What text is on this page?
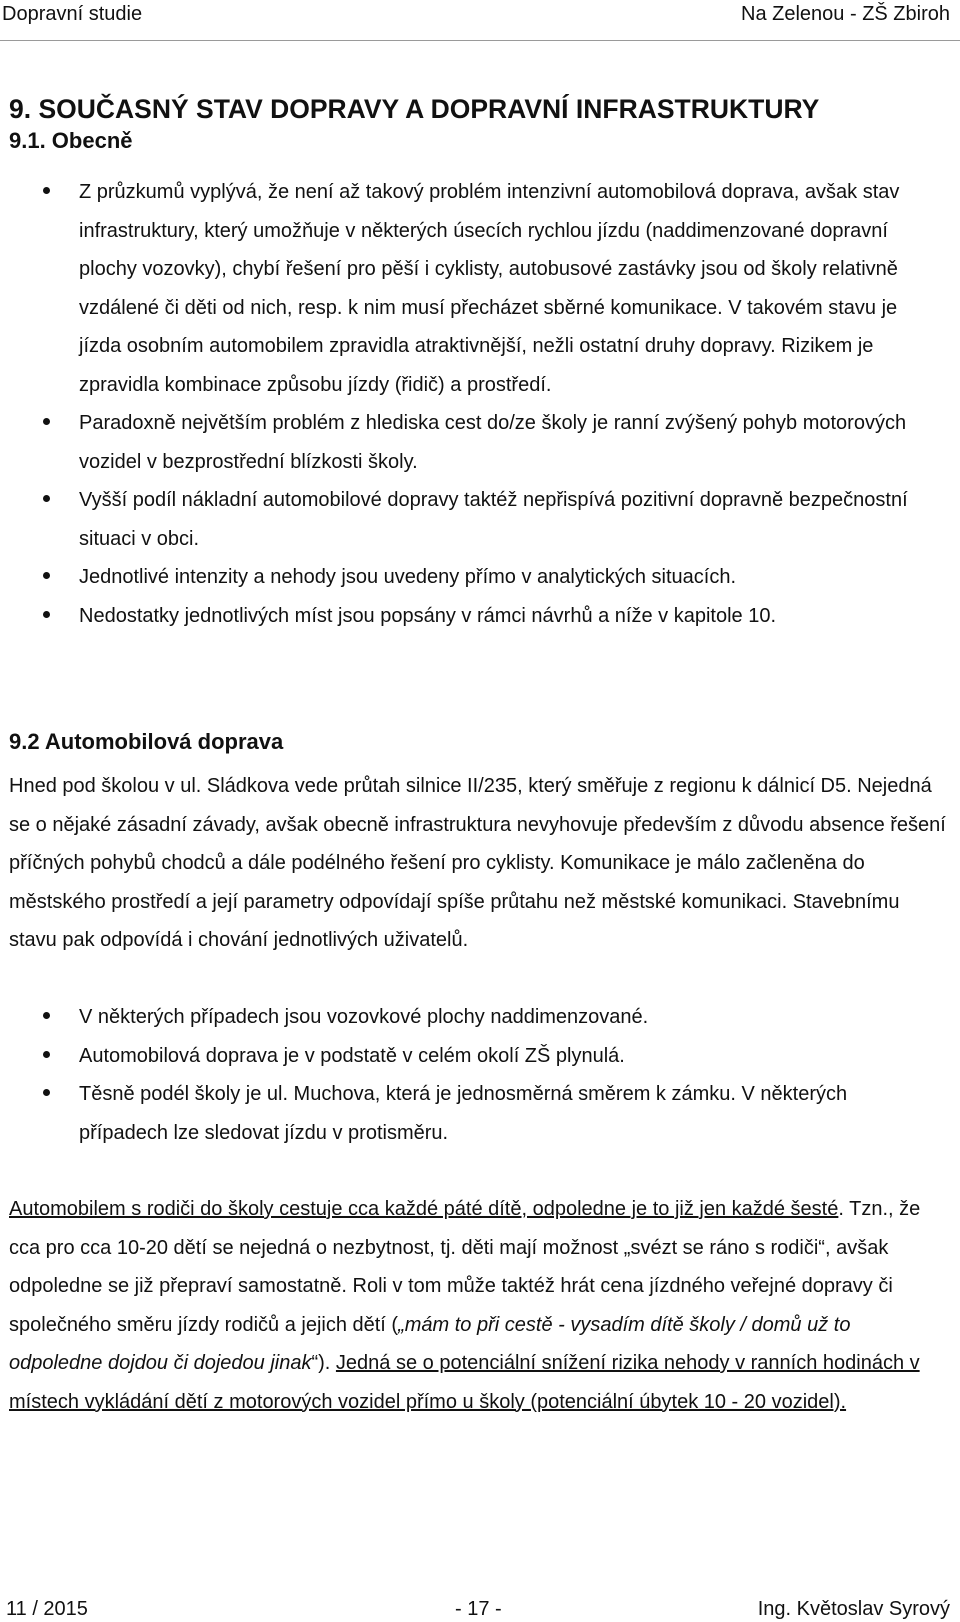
Dopravní studie	Na Zelenou - ZŠ Zbiroh
9. SOUČASNÝ STAV DOPRAVY A DOPRAVNÍ INFRASTRUKTURY
9.1. Obecně
Z průzkumů vyplývá, že není až takový problém intenzivní automobilová doprava, avšak stav infrastruktury, který umožňuje v některých úsecích rychlou jízdu (naddimenzované dopravní plochy vozovky), chybí řešení pro pěší i cyklisty, autobusové zastávky jsou od školy relativně vzdálené či děti od nich, resp. k nim musí přecházet sběrné komunikace. V takovém stavu je jízda osobním automobilem zpravidla atraktivnější, nežli ostatní druhy dopravy. Rizikem je zpravidla kombinace způsobu jízdy (řidič) a prostředí.
Paradoxně největším problém z hlediska cest do/ze školy je ranní zvýšený pohyb motorových vozidel v bezprostřední blízkosti školy.
Vyšší podíl nákladní automobilové dopravy taktéž nepřispívá pozitivní dopravně bezpečnostní situaci v obci.
Jednotlivé intenzity a nehody jsou uvedeny přímo v analytických situacích.
Nedostatky jednotlivých míst jsou popsány v rámci návrhů a níže v kapitole 10.
9.2 Automobilová doprava
Hned pod školou v ul. Sládkova vede průtah silnice II/235, který směřuje z regionu k dálnicí D5. Nejedná se o nějaké zásadní závady, avšak obecně infrastruktura nevyhovuje především z důvodu absence řešení příčných pohybů chodců a dále podélného řešení pro cyklisty. Komunikace je málo začleněna do městského prostředí a její parametry odpovídají spíše průtahu než městské komunikaci. Stavebnímu stavu pak odpovídá i chování jednotlivých uživatelů.
V některých případech jsou vozovkové plochy naddimenzované.
Automobilová doprava je v podstatě v celém okolí ZŠ plynulá.
Těsně podél školy je ul. Muchova, která je jednosměrná směrem k zámku. V některých případech lze sledovat jízdu v protisměru.
Automobilem s rodiči do školy cestuje cca každé páté dítě, odpoledne je to již jen každé šesté. Tzn., že cca pro cca 10-20 dětí se nejedná o nezbytnost, tj. děti mají možnost „svézt se ráno s rodiči“, avšak odpoledne se již přepraví samostatně. Roli v tom může taktéž hrát cena jízdného veřejné dopravy či společného směru jízdy rodičů a jejich dětí („mám to při cestě - vysadím dítě školy / domů už to odpoledne dojdou či dojedou jinak“). Jedná se o potenciální snížení rizika nehody v ranních hodinách v místech vykládání dětí z motorových vozidel přímo u školy (potenciální úbytek 10 - 20 vozidel).
11 / 2015	- 17 -	Ing. Květoslav Syrový
